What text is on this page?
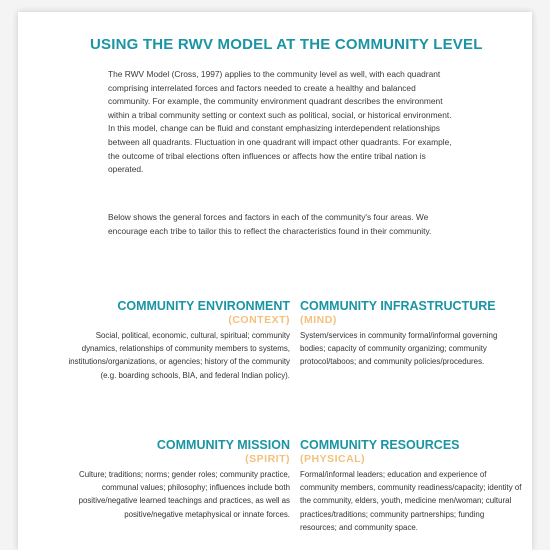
USING THE RWV MODEL AT THE COMMUNITY LEVEL

The RWV Model (Cross, 1997) applies to the community level as well, with each quadrant comprising interrelated forces and factors needed to create a healthy and balanced community. For example, the community environment quadrant describes the environment within a tribal community setting or context such as political, social, or historical environment. In this model, change can be fluid and constant emphasizing interdependent relationships between all quadrants. Fluctuation in one quadrant will impact other quadrants. For example, the outcome of tribal elections often influences or affects how the entire tribal nation is operated.

Below shows the general forces and factors in each of the community's four areas. We encourage each tribe to tailor this to reflect the characteristics found in their community.

COMMUNITY ENVIRONMENT

(CONTEXT)

Social, political, economic, cultural, spiritual; community dynamics, relationships of community members to systems, institutions/organizations, or agencies; history of the community (e.g. boarding schools, BIA, and federal Indian policy).

COMMUNITY INFRASTRUCTURE

(MIND)

System/services in community formal/informal governing bodies; capacity of community organizing; community protocol/taboos; and community policies/procedures.

COMMUNITY MISSION

(SPIRIT)

Culture; traditions; norms; gender roles; community practice, communal values; philosophy; influences include both positive/negative learned teachings and practices, as well as positive/negative metaphysical or innate forces.

COMMUNITY RESOURCES

(PHYSICAL)

Formal/informal leaders; education and experience of community members, community readiness/capacity; identity of the community, elders, youth, medicine men/woman; cultural practices/traditions; community partnerships; funding resources; and community space.
